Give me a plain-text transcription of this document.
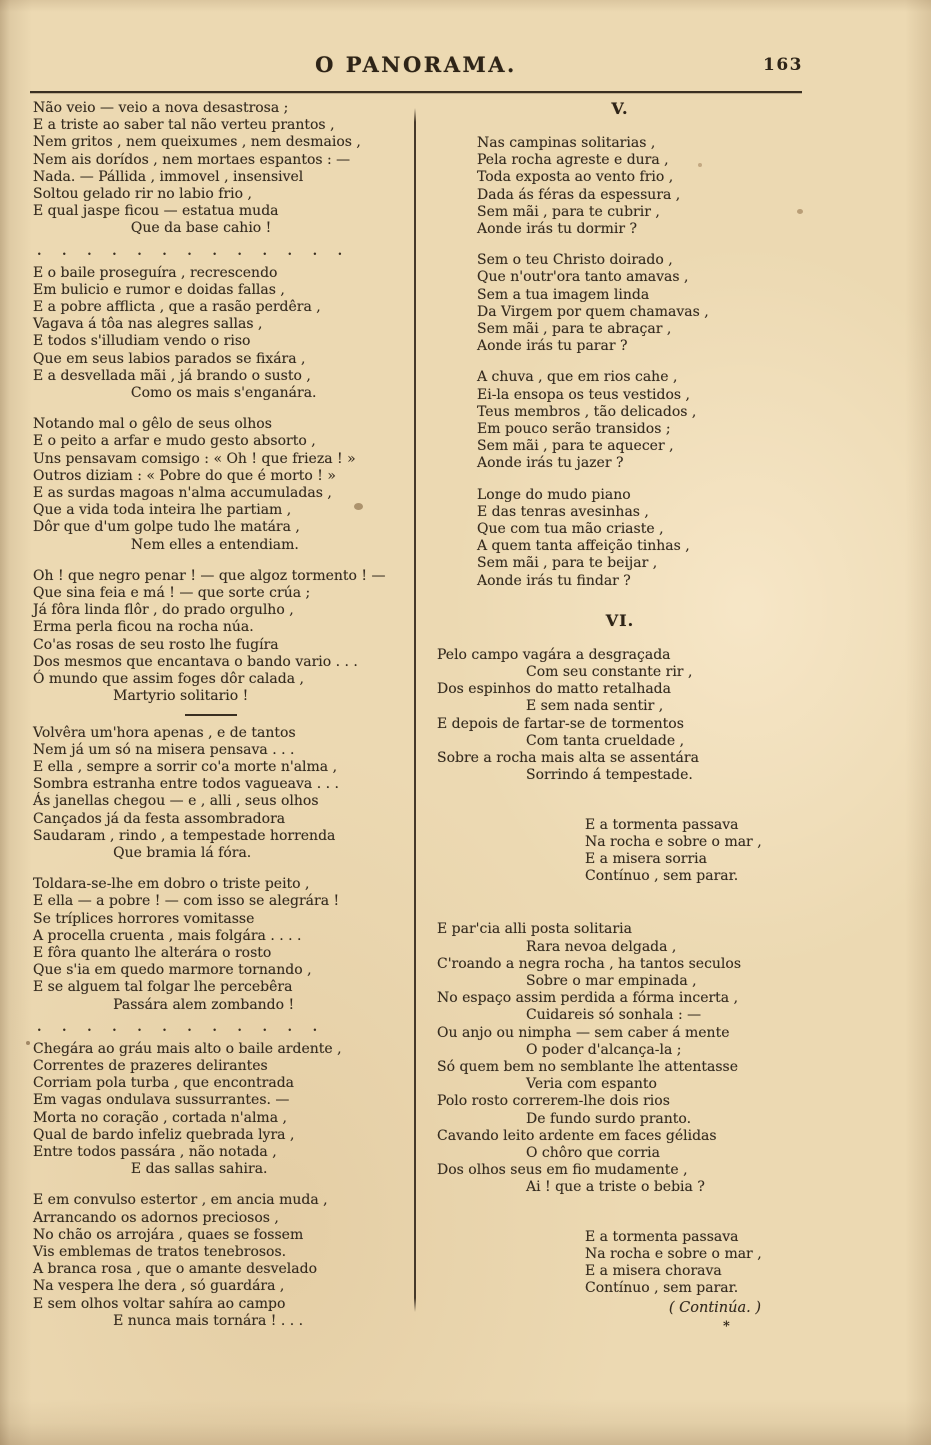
O PANORAMA.	163
Não veio — veio a nova desastrosa ;
E a triste ao saber tal não verteu prantos ,
Nem gritos , nem queixumes , nem desmaios ,
Nem ais dorídos , nem mortaes espantos : —
Nada. — Pállida , immovel , insensivel
Soltou gelado rir no labio frio ,
E qual jaspe ficou — estatua muda
Que da base cahio !
. . . . . . . . . . . . .
E o baile proseguíra , recrescendo
Em bulicio e rumor e doidas fallas ,
E a pobre afflicta , que a rasão perdêra ,
Vagava á tôa nas alegres sallas ,
E todos s'illudiam vendo o riso
Que em seus labios parados se fixára ,
E a desvellada mãi , já brando o susto ,
Como os mais s'enganára.
Notando mal o gêlo de seus olhos
E o peito a arfar e mudo gesto absorto ,
Uns pensavam comsigo : « Oh ! que frieza ! »
Outros diziam : « Pobre do que é morto ! »
E as surdas magoas n'alma accumuladas ,
Que a vida toda inteira lhe partiam ,
Dôr que d'um golpe tudo lhe matára ,
Nem elles a entendiam.
Oh ! que negro penar ! — que algoz tormento ! —
Que sina feia e má ! — que sorte crúa ;
Já fôra linda flôr , do prado orgulho ,
Erma perla ficou na rocha núa.
Co'as rosas de seu rosto lhe fugíra
Dos mesmos que encantava o bando vario . . .
Ó mundo que assim foges dôr calada ,
Martyrio solitario !
Volvêra um'hora apenas , e de tantos
Nem já um só na misera pensava . . .
E ella , sempre a sorrir co'a morte n'alma ,
Sombra estranha entre todos vagueava . . .
Ás janellas chegou — e , alli , seus olhos
Cançados já da festa assombradora
Saudaram , rindo , a tempestade horrenda
Que bramia lá fóra.
Toldara-se-lhe em dobro o triste peito ,
E ella — a pobre ! — com isso se alegrára !
Se tríplices horrores vomitasse
A procella cruenta , mais folgára . . . .
E fôra quanto lhe alterára o rosto
Que s'ia em quedo marmore tornando ,
E se alguem tal folgar lhe percebêra
Passára alem zombando !
. . . . . . . . . . . .
Chegára ao gráu mais alto o baile ardente ,
Correntes de prazeres delirantes
Corriam pola turba , que encontrada
Em vagas ondulava sussurrantes. —
Morta no coração , cortada n'alma ,
Qual de bardo infeliz quebrada lyra ,
Entre todos passára , não notada ,
E das sallas sahira.
E em convulso estertor , em ancia muda ,
Arrancando os adornos preciosos ,
No chão os arrojára , quaes se fossem
Vis emblemas de tratos tenebrosos.
A branca rosa , que o amante desvelado
Na vespera lhe dera , só guardára ,
E sem olhos voltar sahíra ao campo
E nunca mais tornára ! . . .
V.
Nas campinas solitarias ,
Pela rocha agreste e dura ,
Toda exposta ao vento frio ,
Dada ás féras da espessura ,
Sem mãi , para te cubrir ,
Aonde irás tu dormir ?
Sem o teu Christo doirado ,
Que n'outr'ora tanto amavas ,
Sem a tua imagem linda
Da Virgem por quem chamavas ,
Sem mãi , para te abraçar ,
Aonde irás tu parar ?
A chuva , que em rios cahe ,
Ei-la ensopa os teus vestidos ,
Teus membros , tão delicados ,
Em pouco serão transidos ;
Sem mãi , para te aquecer ,
Aonde irás tu jazer ?
Longe do mudo piano
E das tenras avesinhas ,
Que com tua mão criaste ,
A quem tanta affeição tinhas ,
Sem mãi , para te beijar ,
Aonde irás tu findar ?
VI.
Pelo campo vagára a desgraçada
Com seu constante rir ,
Dos espinhos do matto retalhada
E sem nada sentir ,
E depois de fartar-se de tormentos
Com tanta crueldade ,
Sobre a rocha mais alta se assentára
Sorrindo á tempestade.
E a tormenta passava
Na rocha e sobre o mar ,
E a misera sorria
Contínuo , sem parar.
E par'cia alli posta solitaria
Rara nevoa delgada ,
C'roando a negra rocha , ha tantos seculos
Sobre o mar empinada ,
No espaço assim perdida a fórma incerta ,
Cuidareis só sonhala : —
Ou anjo ou nimpha — sem caber á mente
O poder d'alcança-la ;
Só quem bem no semblante lhe attentasse
Veria com espanto
Polo rosto correrem-lhe dois rios
De fundo surdo pranto.
Cavando leito ardente em faces gélidas
O chôro que corria
Dos olhos seus em fio mudamente ,
Ai ! que a triste o bebia ?
E a tormenta passava
Na rocha e sobre o mar ,
E a misera chorava
Contínuo , sem parar.
( Continúa. )
*
